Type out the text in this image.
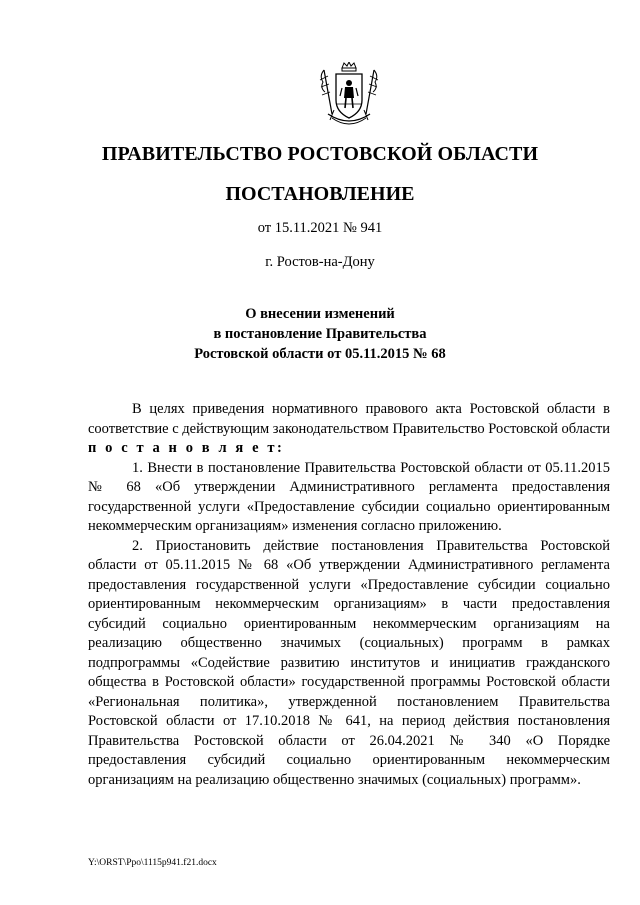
ПРАВИТЕЛЬСТВО РОСТОВСКОЙ ОБЛАСТИ
ПОСТАНОВЛЕНИЕ
от 15.11.2021 № 941
г. Ростов-на-Дону
О внесении изменений
в постановление Правительства
Ростовской области от 05.11.2015 № 68

В целях приведения нормативного правового акта Ростовской области в соответствие с действующим законодательством Правительство Ростовской области п о с т а н о в л я е т:

1. Внести в постановление Правительства Ростовской области от 05.11.2015 № 68 «Об утверждении Административного регламента предоставления государственной услуги «Предоставление субсидии социально ориентированным некоммерческим организациям» изменения согласно приложению.

2. Приостановить действие постановления Правительства Ростовской области от 05.11.2015 № 68 «Об утверждении Административного регламента предоставления государственной услуги «Предоставление субсидии социально ориентированным некоммерческим организациям» в части предоставления субсидий социально ориентированным некоммерческим организациям на реализацию общественно значимых (социальных) программ в рамках подпрограммы «Содействие развитию институтов и инициатив гражданского общества в Ростовской области» государственной программы Ростовской области «Региональная политика», утвержденной постановлением Правительства Ростовской области от 17.10.2018 № 641, на период действия постановления Правительства Ростовской области от 26.04.2021 № 340 «О Порядке предоставления субсидий социально ориентированным некоммерческим организациям на реализацию общественно значимых (социальных) программ».

Y:\ORST\Ppo\1115p941.f21.docx
